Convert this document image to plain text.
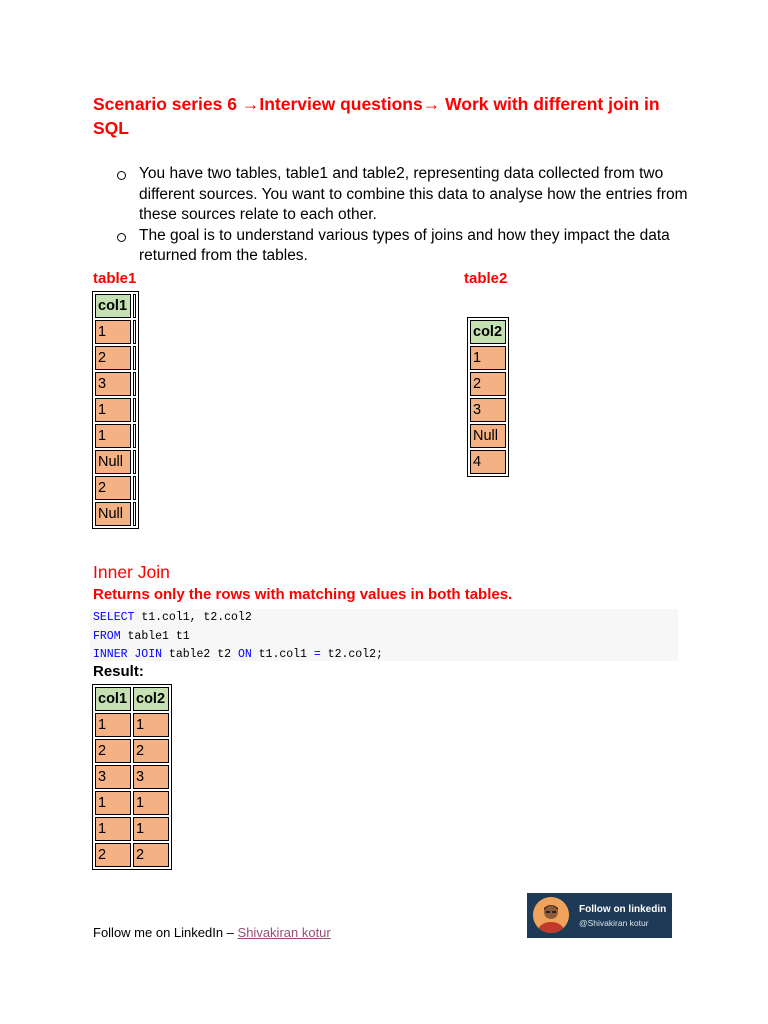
Scenario series 6 →Interview questions→ Work with different join in SQL
You have two tables, table1 and table2, representing data collected from two different sources. You want to combine this data to analyse how the entries from these sources relate to each other.
The goal is to understand various types of joins and how they impact the data returned from the tables.
table1	table2
col1	
1	
2	
3	
1	
1	
Null	
2	
Null	
col2
1
2
3
Null
4
Inner Join
Returns only the rows with matching values in both tables.
SELECT t1.col1, t2.col2
FROM table1 t1
INNER JOIN table2 t2 ON t1.col1 = t2.col2;
Result:
col1	col2
1	1
2	2
3	3
1	1
1	1
2	2
Follow me on LinkedIn – Shivakiran kotur
Follow on linkedin
@Shivakiran kotur
